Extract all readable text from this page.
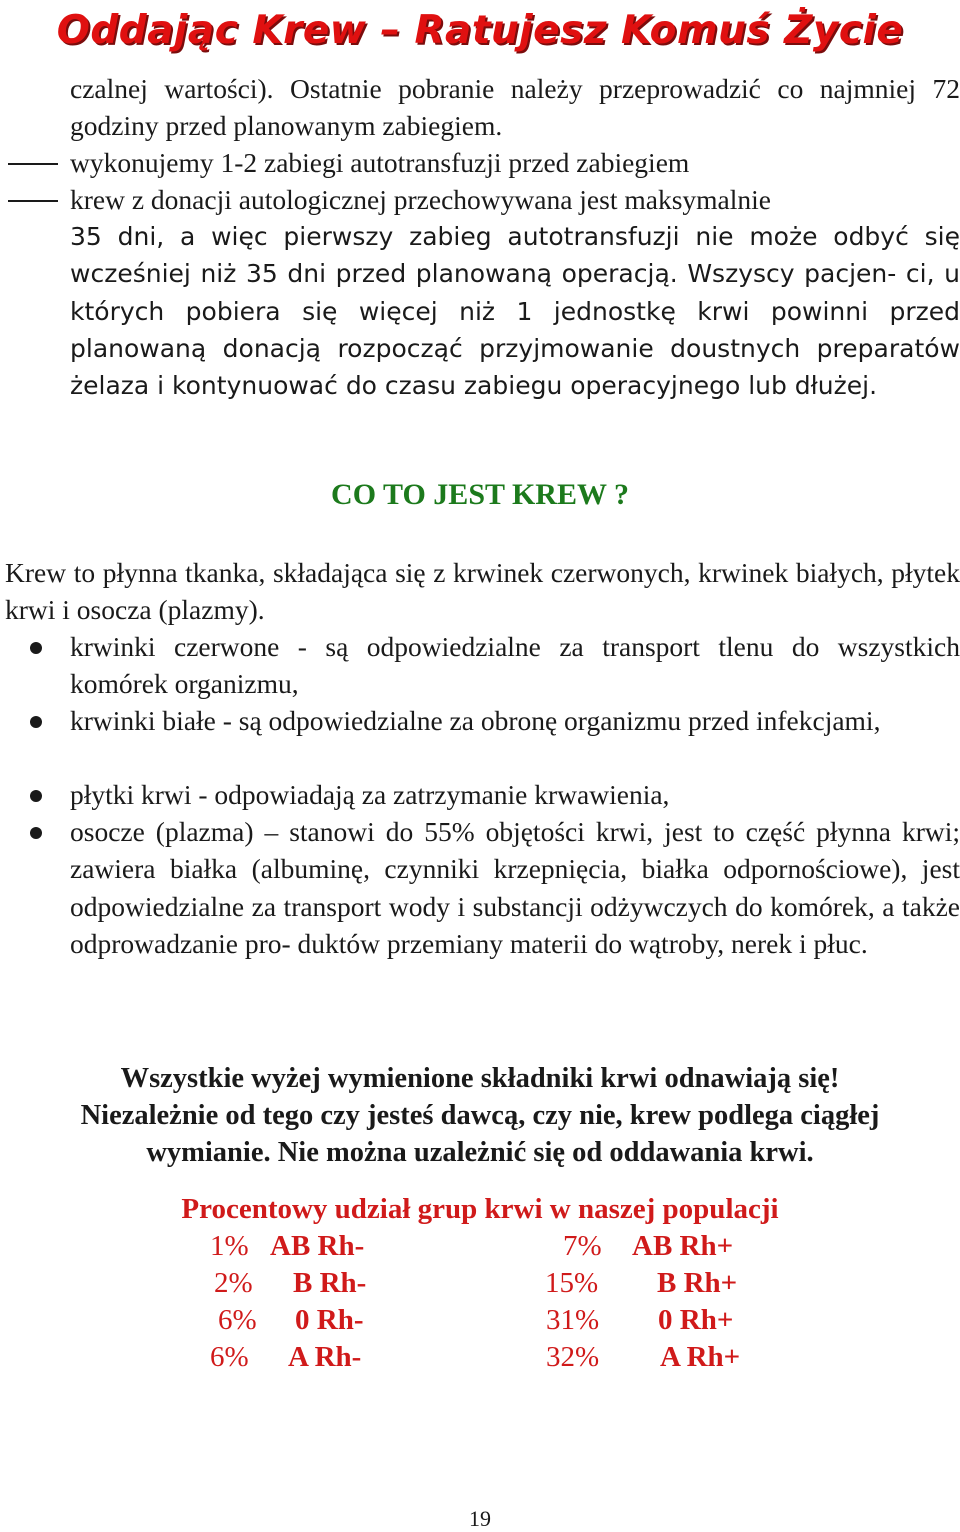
Oddając Krew – Ratujesz Komuś Życie
czalnej wartości). Ostatnie pobranie należy przeprowadzić co najmniej 72 godziny przed planowanym zabiegiem.
wykonujemy 1-2 zabiegi autotransfuzji przed zabiegiem
krew z donacji autologicznej przechowywana jest maksymalnie
35 dni, a więc pierwszy zabieg autotransfuzji nie może odbyć się wcześniej niż 35 dni przed planowaną operacją. Wszyscy pacjen- ci, u których pobiera się więcej niż 1 jednostkę krwi powinni przed planowaną donacją rozpocząć przyjmowanie doustnych preparatów żelaza i kontynuować do czasu zabiegu operacyjnego lub dłużej.
CO TO JEST KREW ?
Krew to płynna tkanka, składająca się z krwinek czerwonych, krwinek białych, płytek krwi i osocza (plazmy).
krwinki czerwone - są odpowiedzialne za transport tlenu do wszystkich komórek organizmu,
krwinki białe - są odpowiedzialne za obronę organizmu przed infekcjami,
płytki krwi - odpowiadają za zatrzymanie krwawienia,
osocze (plazma) – stanowi do 55% objętości krwi, jest to część płynna krwi; zawiera białka (albuminę, czynniki krzepnięcia, białka odpornościowe), jest odpowiedzialne za transport wody i substancji odżywczych do komórek, a także odprowadzanie pro- duktów przemiany materii do wątroby, nerek i płuc.
Wszystkie wyżej wymienione składniki krwi odnawiają się!
Niezależnie od tego czy jesteś dawcą, czy nie, krew podlega ciągłej
wymianie. Nie można uzależnić się od oddawania krwi.
Procentowy udział grup krwi w naszej populacji
1% AB Rh-	7% AB Rh+
2% B Rh-	15% B Rh+
6% 0 Rh-	31% 0 Rh+
6% A Rh-	32% A Rh+
19
